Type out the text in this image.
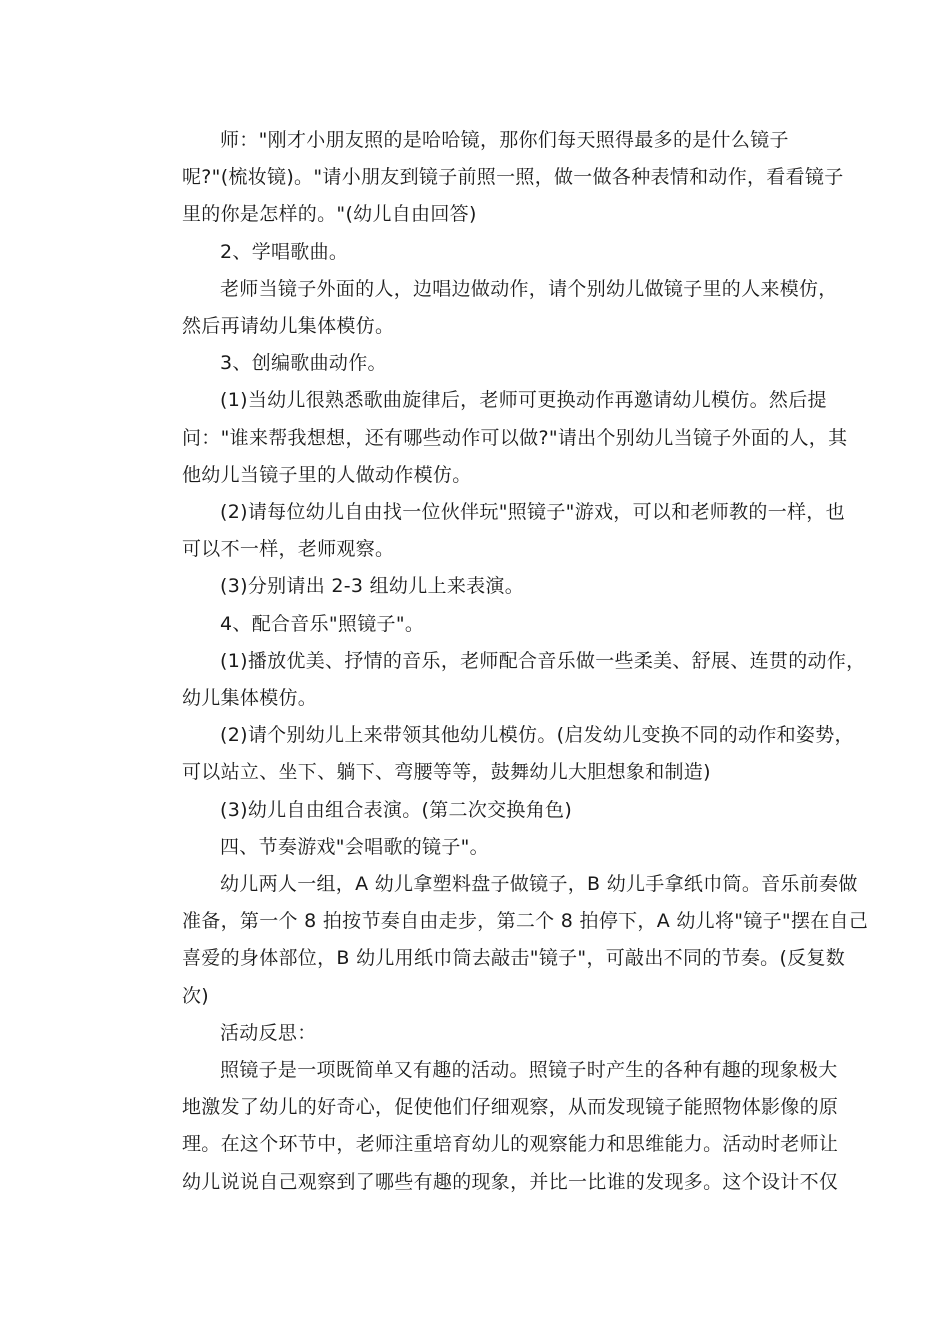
师："刚才小朋友照的是哈哈镜，那你们每天照得最多的是什么镜子
呢?"(梳妆镜)。"请小朋友到镜子前照一照，做一做各种表情和动作，看看镜子
里的你是怎样的。"(幼儿自由回答)
2、学唱歌曲。
老师当镜子外面的人，边唱边做动作，请个别幼儿做镜子里的人来模仿，
然后再请幼儿集体模仿。
3、创编歌曲动作。
(1)当幼儿很熟悉歌曲旋律后，老师可更换动作再邀请幼儿模仿。然后提
问："谁来帮我想想，还有哪些动作可以做?"请出个别幼儿当镜子外面的人，其
他幼儿当镜子里的人做动作模仿。
(2)请每位幼儿自由找一位伙伴玩"照镜子"游戏，可以和老师教的一样，也
可以不一样，老师观察。
(3)分别请出 2-3 组幼儿上来表演。
4、配合音乐"照镜子"。
(1)播放优美、抒情的音乐，老师配合音乐做一些柔美、舒展、连贯的动作，
幼儿集体模仿。
(2)请个别幼儿上来带领其他幼儿模仿。(启发幼儿变换不同的动作和姿势，
可以站立、坐下、躺下、弯腰等等，鼓舞幼儿大胆想象和制造)
(3)幼儿自由组合表演。(第二次交换角色)
四、节奏游戏"会唱歌的镜子"。
幼儿两人一组，A 幼儿拿塑料盘子做镜子，B 幼儿手拿纸巾筒。音乐前奏做
准备，第一个 8 拍按节奏自由走步，第二个 8 拍停下，A 幼儿将"镜子"摆在自己
喜爱的身体部位，B 幼儿用纸巾筒去敲击"镜子"，可敲出不同的节奏。(反复数
次)
活动反思：
照镜子是一项既简单又有趣的活动。照镜子时产生的各种有趣的现象极大
地激发了幼儿的好奇心，促使他们仔细观察，从而发现镜子能照物体影像的原
理。在这个环节中，老师注重培育幼儿的观察能力和思维能力。活动时老师让
幼儿说说自己观察到了哪些有趣的现象，并比一比谁的发现多。这个设计不仅
